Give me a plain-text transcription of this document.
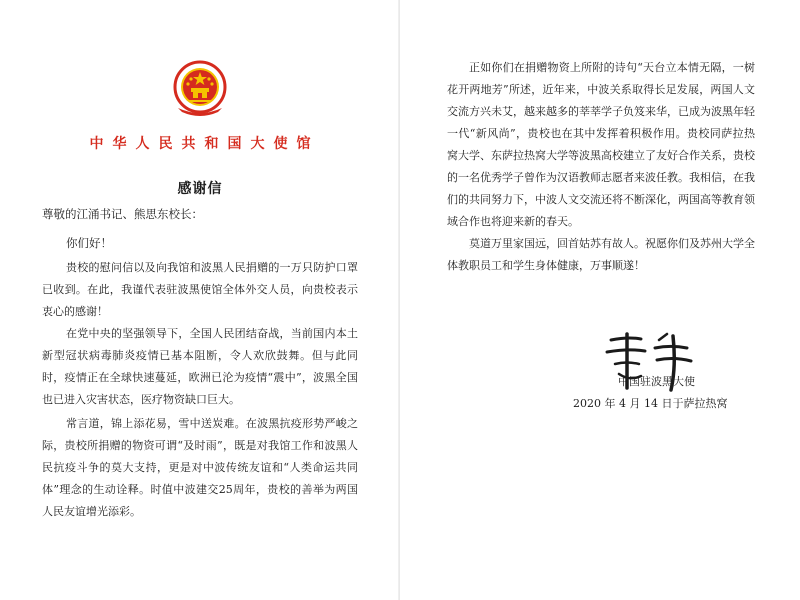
中华人民共和国大使馆
感谢信
尊敬的江涌书记、熊思东校长：
你们好！

贵校的慰问信以及向我馆和波黑人民捐赠的一万只防护口罩已收到。在此，我谨代表驻波黑使馆全体外交人员，向贵校表示衷心的感谢！

在党中央的坚强领导下，全国人民团结奋战，当前国内本土新型冠状病毒肺炎疫情已基本阻断，令人欢欣鼓舞。但与此同时，疫情正在全球快速蔓延，欧洲已沦为疫情“震中”，波黑全国也已进入灾害状态，医疗物资缺口巨大。

常言道，锦上添花易，雪中送炭难。在波黑抗疫形势严峻之际，贵校所捐赠的物资可谓“及时雨”，既是对我馆工作和波黑人民抗疫斗争的莫大支持，更是对中波传统友谊和“人类命运共同体”理念的生动诠释。时值中波建交25周年，贵校的善举为两国人民友谊增光添彩。

正如你们在捐赠物资上所附的诗句“天台立本情无隔，一树花开两地芳”所述，近年来，中波关系取得长足发展，两国人文交流方兴未艾，越来越多的莘莘学子负笈来华，已成为波黑年轻一代“新风尚”，贵校也在其中发挥着积极作用。贵校同萨拉热窝大学、东萨拉热窝大学等波黑高校建立了友好合作关系，贵校的一名优秀学子曾作为汉语教师志愿者来波任教。我相信，在我们的共同努力下，中波人文交流还将不断深化，两国高等教育领域合作也将迎来新的春天。

莫道万里家国远，回首姑苏有故人。祝愿你们及苏州大学全体教职员工和学生身体健康，万事顺遂！

中国驻波黑大使
2020 年 4 月 14 日于萨拉热窝
